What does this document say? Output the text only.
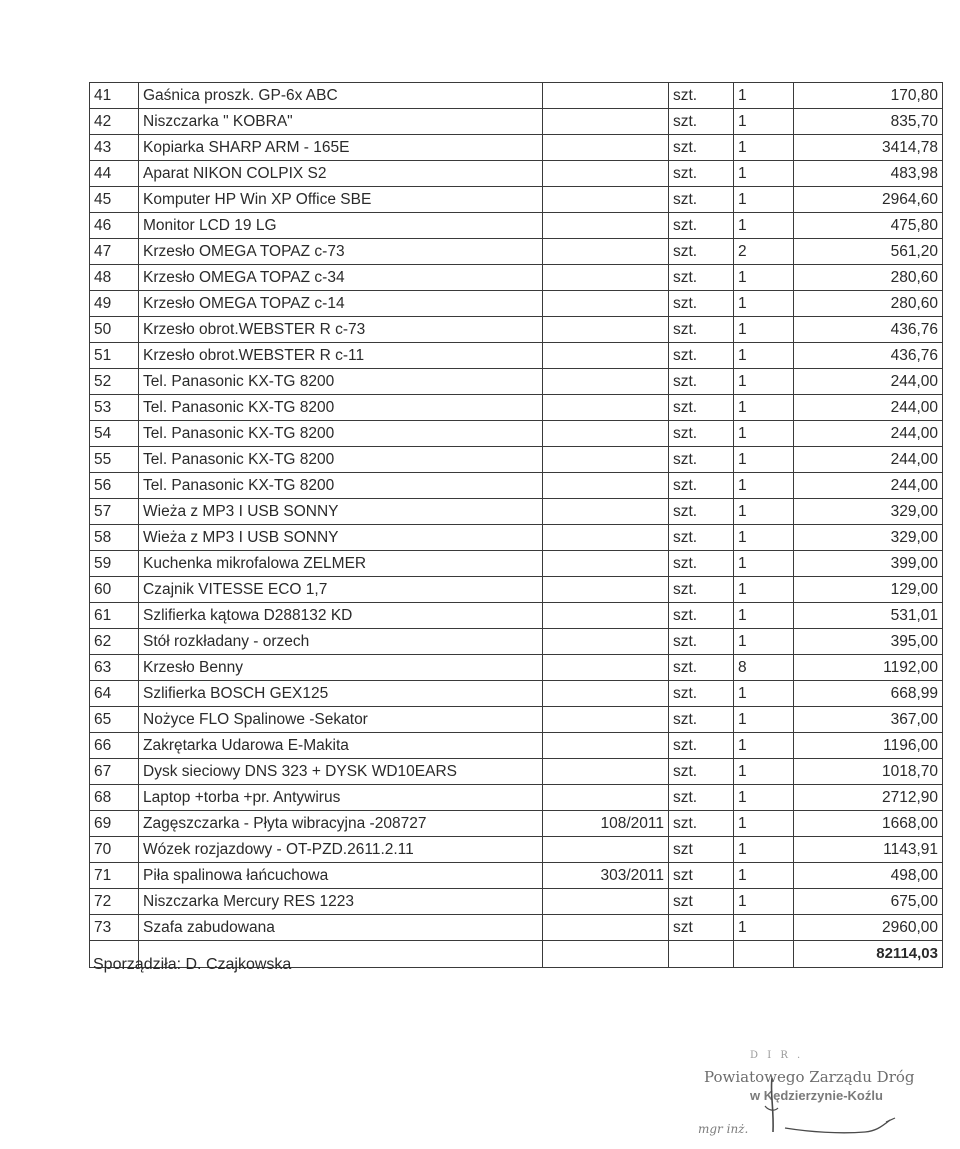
41	Gaśnica proszk. GP-6x ABC		szt.	1	170,80
42	Niszczarka " KOBRA"		szt.	1	835,70
43	Kopiarka SHARP ARM - 165E		szt.	1	3414,78
44	Aparat NIKON COLPIX S2		szt.	1	483,98
45	Komputer HP Win XP Office SBE		szt.	1	2964,60
46	Monitor LCD 19 LG		szt.	1	475,80
47	Krzesło OMEGA TOPAZ c-73		szt.	2	561,20
48	Krzesło OMEGA TOPAZ c-34		szt.	1	280,60
49	Krzesło OMEGA TOPAZ c-14		szt.	1	280,60
50	Krzesło obrot.WEBSTER R c-73		szt.	1	436,76
51	Krzesło obrot.WEBSTER R c-11		szt.	1	436,76
52	Tel. Panasonic KX-TG 8200		szt.	1	244,00
53	Tel. Panasonic KX-TG 8200		szt.	1	244,00
54	Tel. Panasonic KX-TG 8200		szt.	1	244,00
55	Tel. Panasonic KX-TG 8200		szt.	1	244,00
56	Tel. Panasonic KX-TG 8200		szt.	1	244,00
57	Wieża z MP3 I USB SONNY		szt.	1	329,00
58	Wieża z MP3 I USB SONNY		szt.	1	329,00
59	Kuchenka mikrofalowa ZELMER		szt.	1	399,00
60	Czajnik VITESSE ECO 1,7		szt.	1	129,00
61	Szlifierka kątowa D288132 KD		szt.	1	531,01
62	Stół rozkładany - orzech		szt.	1	395,00
63	Krzesło Benny		szt.	8	1192,00
64	Szlifierka BOSCH GEX125		szt.	1	668,99
65	Nożyce FLO Spalinowe -Sekator		szt.	1	367,00
66	Zakrętarka Udarowa E-Makita		szt.	1	1196,00
67	Dysk sieciowy DNS 323 + DYSK WD10EARS		szt.	1	1018,70
68	Laptop +torba +pr. Antywirus		szt.	1	2712,90
69	Zagęszczarka - Płyta wibracyjna -208727	108/2011	szt.	1	1668,00
70	Wózek rozjazdowy - OT-PZD.2611.2.11		szt	1	1143,91
71	Piła spalinowa łańcuchowa	303/2011	szt	1	498,00
72	Niszczarka Mercury RES 1223		szt	1	675,00
73	Szafa zabudowana		szt	1	2960,00
					82114,03
Sporządziła: D. Czajkowska
D I R .
Powiatowego Zarządu Dróg
w Kędzierzynie-Koźlu
mgr inż.
